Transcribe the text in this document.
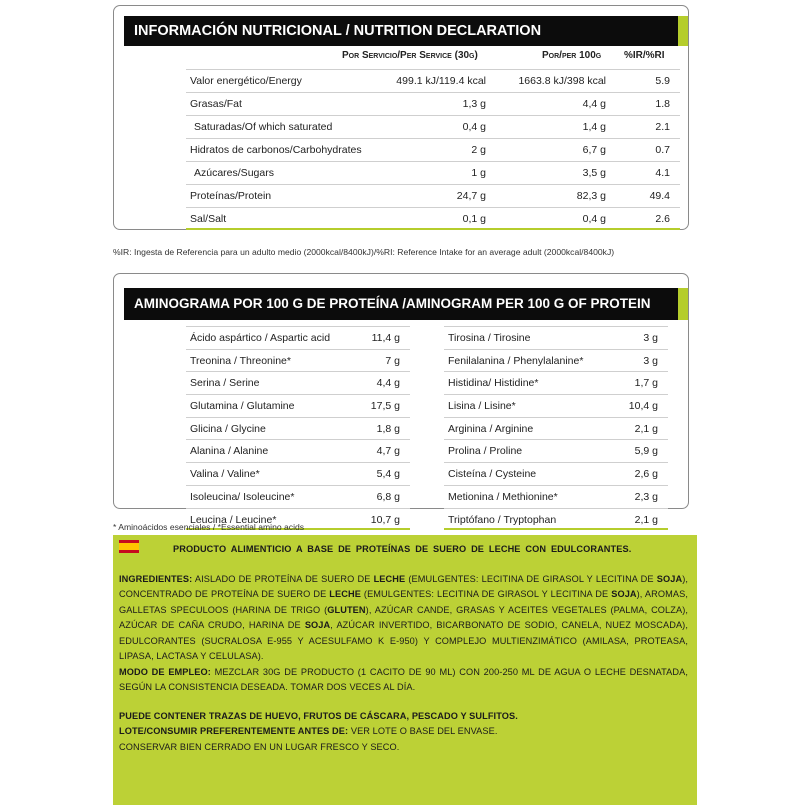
INFORMACIÓN NUTRICIONAL / NUTRITION DECLARATION
Por Servicio/Per Service (30g)	Por/per 100g %IR/%RI
Valor energético/Energy	499.1 kJ/119.4 kcal	1663.8 kJ/398 kcal	5.9
Grasas/Fat	1,3 g	4,4 g	1.8
Saturadas/Of which saturated	0,4 g	1,4 g	2.1
Hidratos de carbonos/Carbohydrates	2 g	6,7 g	0.7
Azúcares/Sugars	1 g	3,5 g	4.1
Proteínas/Protein	24,7 g	82,3 g	49.4
Sal/Salt	0,1 g	0,4 g	2.6
%IR: Ingesta de Referencia para un adulto medio (2000kcal/8400kJ)/%RI: Reference Intake for an average adult (2000kcal/8400kJ)
AMINOGRAMA POR 100 G DE PROTEÍNA /AMINOGRAM PER 100 G OF PROTEIN
Ácido aspártico / Aspartic acid	11,4 g
Treonina / Threonine*	7 g
Serina / Serine	4,4 g
Glutamina / Glutamine	17,5 g
Glicina / Glycine	1,8 g
Alanina / Alanine	4,7 g
Valina / Valine*	5,4 g
Isoleucina/ Isoleucine*	6,8 g
Leucina / Leucine*	10,7 g
Tirosina / Tirosine	3 g
Fenilalanina / Phenylalanine*	3 g
Histidina/ Histidine*	1,7 g
Lisina / Lisine*	10,4 g
Arginina / Arginine	2,1 g
Prolina / Proline	5,9 g
Cisteína / Cysteine	2,6 g
Metionina / Methionine*	2,3 g
Triptófano / Tryptophan	2,1 g
* Aminoácidos esenciales / *Essential amino acids
PRODUCTO ALIMENTICIO A BASE DE PROTEÍNAS DE SUERO DE LECHE CON EDULCORANTES.
INGREDIENTES: AISLADO DE PROTEÍNA DE SUERO DE LECHE (EMULGENTES: LECITINA DE GIRASOL Y LECITINA DE SOJA), CONCENTRADO DE PROTEÍNA DE SUERO DE LECHE (EMULGENTES: LECITINA DE GIRASOL Y LECITINA DE SOJA), AROMAS, GALLETAS SPECULOOS (HARINA DE TRIGO (GLUTEN), AZÚCAR CANDE, GRASAS Y ACEITES VEGETALES (PALMA, COLZA), AZÚCAR DE CAÑA CRUDO, HARINA DE SOJA, AZÚCAR INVERTIDO, BICARBONATO DE SODIO, CANELA, NUEZ MOSCADA), EDULCORANTES (SUCRALOSA E-955 Y ACESULFAMO K E-950) Y COMPLEJO MULTIENZIMÁTICO (AMILASA, PROTEASA, LIPASA, LACTASA Y CELULASA).
MODO DE EMPLEO: MEZCLAR 30G DE PRODUCTO (1 CACITO DE 90 ML) CON 200-250 ML DE AGUA O LECHE DESNATADA, SEGÚN LA CONSISTENCIA DESEADA. TOMAR DOS VECES AL DÍA.
PUEDE CONTENER TRAZAS DE HUEVO, FRUTOS DE CÁSCARA, PESCADO Y SULFITOS.
LOTE/CONSUMIR PREFERENTEMENTE ANTES DE: VER LOTE O BASE DEL ENVASE.
CONSERVAR BIEN CERRADO EN UN LUGAR FRESCO Y SECO.
